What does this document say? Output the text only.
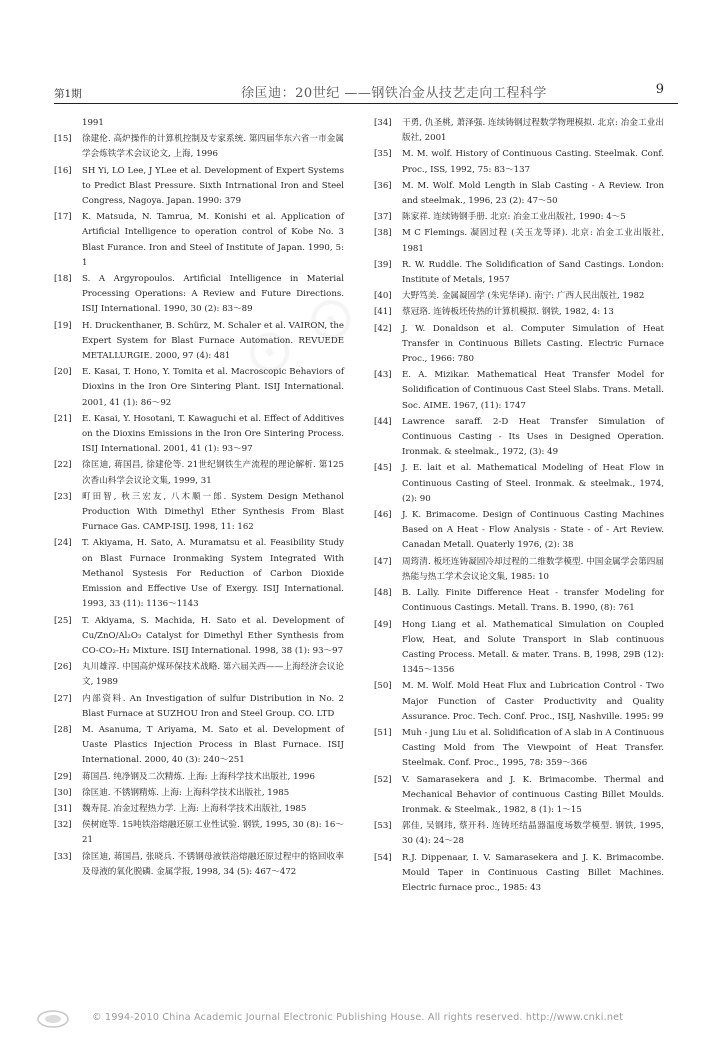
第1期	徐匡迪：20世纪 ——钢铁冶金从技艺走向工程科学	9
1991
[15] 徐建伦. 高炉操作的计算机控制及专家系统. 第四届华东六省一市金属学会炼铁学术会议论文, 上海, 1996
[16] SH Yi, LO Lee, J YLee et al. Development of Expert Systems to Predict Blast Pressure. Sixth Intrnational Iron and Steel Congress, Nagoya. Japan. 1990: 379
[17] K. Matsuda, N. Tamrua, M. Konishi et al. Application of Artificial Intelligence to operation control of Kobe No. 3 Blast Furance. Iron and Steel of Institute of Japan. 1990, 5: 1
[18] S. A Argyropoulos. Artificial Intelligence in Material Processing Operations: A Review and Future Directions. ISIJ International. 1990, 30 (2): 83～89
[19] H. Druckenthaner, B. Schürz, M. Schaler et al. VAIRON, the Expert System for Blast Furnace Automation. REVUEDE METALLURGIE. 2000, 97 (4): 481
[20] E. Kasai, T. Hono, Y. Tomita et al. Macroscopic Behaviors of Dioxins in the Iron Ore Sintering Plant. ISIJ International. 2001, 41 (1): 86～92
[21] E. Kasai, Y. Hosotani, T. Kawaguchi et al. Effect of Additives on the Dioxins Emissions in the Iron Ore Sintering Process. ISIJ International. 2001, 41 (1): 93～97
[22] 徐匡迪, 蒋国昌, 徐建伦等. 21世纪钢铁生产流程的理论解析. 第125次香山科学会议论文集, 1999, 31
[23] 町田智, 秋三宏友, 八木顺一郎. System Design Methanol Production With Dimethyl Ether Synthesis From Blast Furnace Gas. CAMP-ISIJ. 1998, 11: 162
[24] T. Akiyama, H. Sato, A. Muramatsu et al. Feasibility Study on Blast Furnace Ironmaking System Integrated With Methanol Systesis For Reduction of Carbon Dioxide Emission and Effective Use of Exergy. ISIJ International. 1993, 33 (11): 1136～1143
[25] T. Akiyama, S. Machida, H. Sato et al. Development of Cu/ZnO/Al₂O₃ Catalyst for Dimethyl Ether Synthesis from CO-CO₂-H₂ Mixture. ISIJ International. 1998, 38 (1): 93～97
[26] 丸川雄淳. 中国高炉煤环保技术战略. 第六届关西——上海经济会议论文, 1989
[27] 内部资料. An Investigation of sulfur Distribution in No. 2 Blast Furnace at SUZHOU Iron and Steel Group. CO. LTD
[28] M. Asanuma, T Ariyama, M. Sato et al. Development of Uaste Plastics Injection Process in Blast Furnace. ISIJ International. 2000, 40 (3): 240～251
[29] 蒋国昌. 纯净钢及二次精炼. 上海: 上海科学技术出版社, 1996
[30] 徐匡迪. 不锈钢精炼. 上海: 上海科学技术出版社, 1985
[31] 魏寿昆. 冶金过程热力学. 上海: 上海科学技术出版社, 1985
[32] 侯树庭等. 15吨铁浴熔融还原工业性试验. 钢铁, 1995, 30 (8): 16～21
[33] 徐匡迪, 蒋国昌, 张晓兵. 不锈钢母液铁浴熔融还原过程中的铬回收率及母液的氧化脱磷. 金属学报, 1998, 34 (5): 467～472
[34] 干勇, 仇圣桃, 萧泽强. 连续铸钢过程数学物理模拟. 北京: 冶金工业出版社, 2001
[35] M. M. wolf. History of Continuous Casting. Steelmak. Conf. Proc., ISS, 1992, 75: 83～137
[36] M. M. Wolf. Mold Length in Slab Casting - A Review. Iron and steelmak., 1996, 23 (2): 47～50
[37] 陈家祥. 连续铸钢手册. 北京: 冶金工业出版社, 1990: 4～5
[38] M C Flemings. 凝固过程 (关玉龙等译). 北京: 冶金工业出版社, 1981
[39] R. W. Ruddle. The Solidification of Sand Castings. London: Institute of Metals, 1957
[40] 大野笃美. 金属凝固学 (朱宪华译). 南宁: 广西人民出版社, 1982
[41] 蔡冠珞. 连铸板坯传热的计算机模拟. 钢铁, 1982, 4: 13
[42] J. W. Donaldson et al. Computer Simulation of Heat Transfer in Continuous Billets Casting. Electric Furnace Proc., 1966: 780
[43] E. A. Mizikar. Mathematical Heat Transfer Model for Solidification of Continuous Cast Steel Slabs. Trans. Metall. Soc. AIME. 1967, (11): 1747
[44] Lawrence saraff. 2-D Heat Transfer Simulation of Continuous Casting - Its Uses in Designed Operation. Ironmak. & steelmak., 1972, (3): 49
[45] J. E. lait et al. Mathematical Modeling of Heat Flow in Continuous Casting of Steel. Ironmak. & steelmak., 1974, (2): 90
[46] J. K. Brimacome. Design of Continuous Casting Machines Based on A Heat - Flow Analysis - State - of - Art Review. Canadan Metall. Quaterly 1976, (2): 38
[47] 周筠清. 板坯连铸凝固冷却过程的二维数学模型. 中国金属学会第四届热能与热工学术会议论文集, 1985: 10
[48] B. Lally. Finite Difference Heat - transfer Modeling for Continuous Castings. Metall. Trans. B. 1990, (8): 761
[49] Hong Liang et al. Mathematical Simulation on Coupled Flow, Heat, and Solute Transport in Slab continuous Casting Process. Metall. & mater. Trans. B, 1998, 29B (12): 1345～1356
[50] M. M. Wolf. Mold Heat Flux and Lubrication Control - Two Major Function of Caster Productivity and Quality Assurance. Proc. Tech. Conf. Proc., ISIJ, Nashville. 1995: 99
[51] Muh - jung Liu et al. Solidification of A slab in A Continuous Casting Mold from The Viewpoint of Heat Transfer. Steelmak. Conf. Proc., 1995, 78: 359～366
[52] V. Samarasekera and J. K. Brimacombe. Thermal and Mechanical Behavior of continuous Casting Billet Moulds. Ironmak. & Steelmak., 1982, 8 (1): 1～15
[53] 郭佳, 吴钢玮, 蔡开科. 连铸坯结晶器温度场数学模型. 钢铁, 1995, 30 (4): 24～28
[54] R.J. Dippenaar, I. V. Samarasekera and J. K. Brimacombe. Mould Taper in Continuous Casting Billet Machines. Electric furnace proc., 1985: 43
© 1994-2010 China Academic Journal Electronic Publishing House. All rights reserved. http://www.cnki.net
